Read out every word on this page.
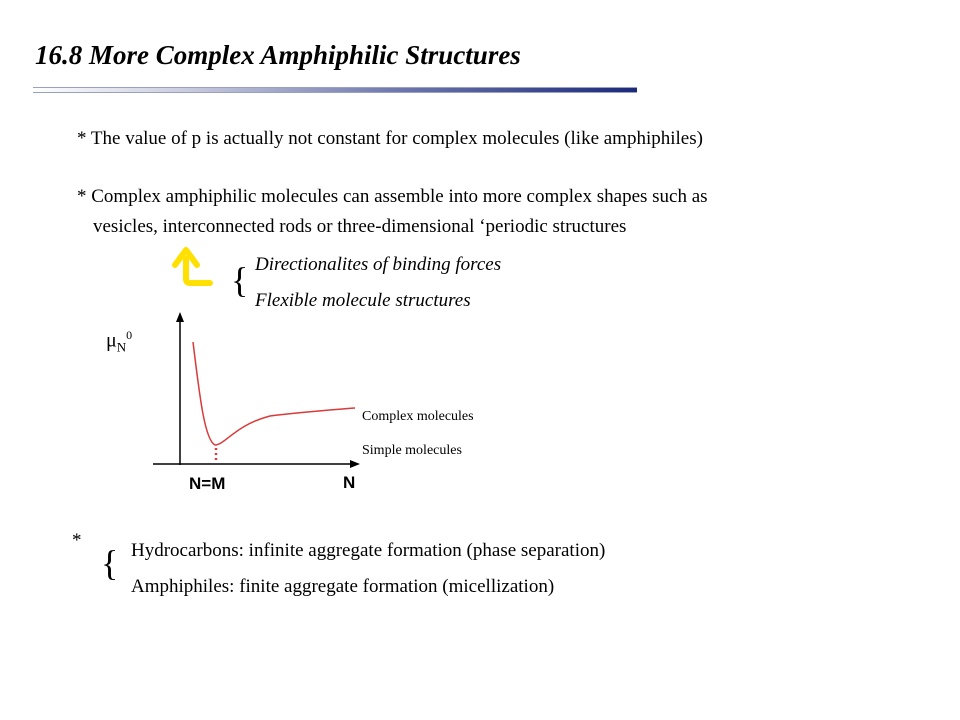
16.8 More Complex Amphiphilic Structures
* The value of p is actually not constant for complex molecules (like amphiphiles)
* Complex amphiphilic molecules can assemble into more complex shapes such as
vesicles, interconnected rods or three-dimensional ‘periodic structures
{ Directionalites of binding forces
Flexible molecule structures
$\mu_N^0$
Complex molecules
Simple molecules
N=M	N
*
{ Hydrocarbons: infinite aggregate formation (phase separation)
Amphiphiles: finite aggregate formation (micellization)
